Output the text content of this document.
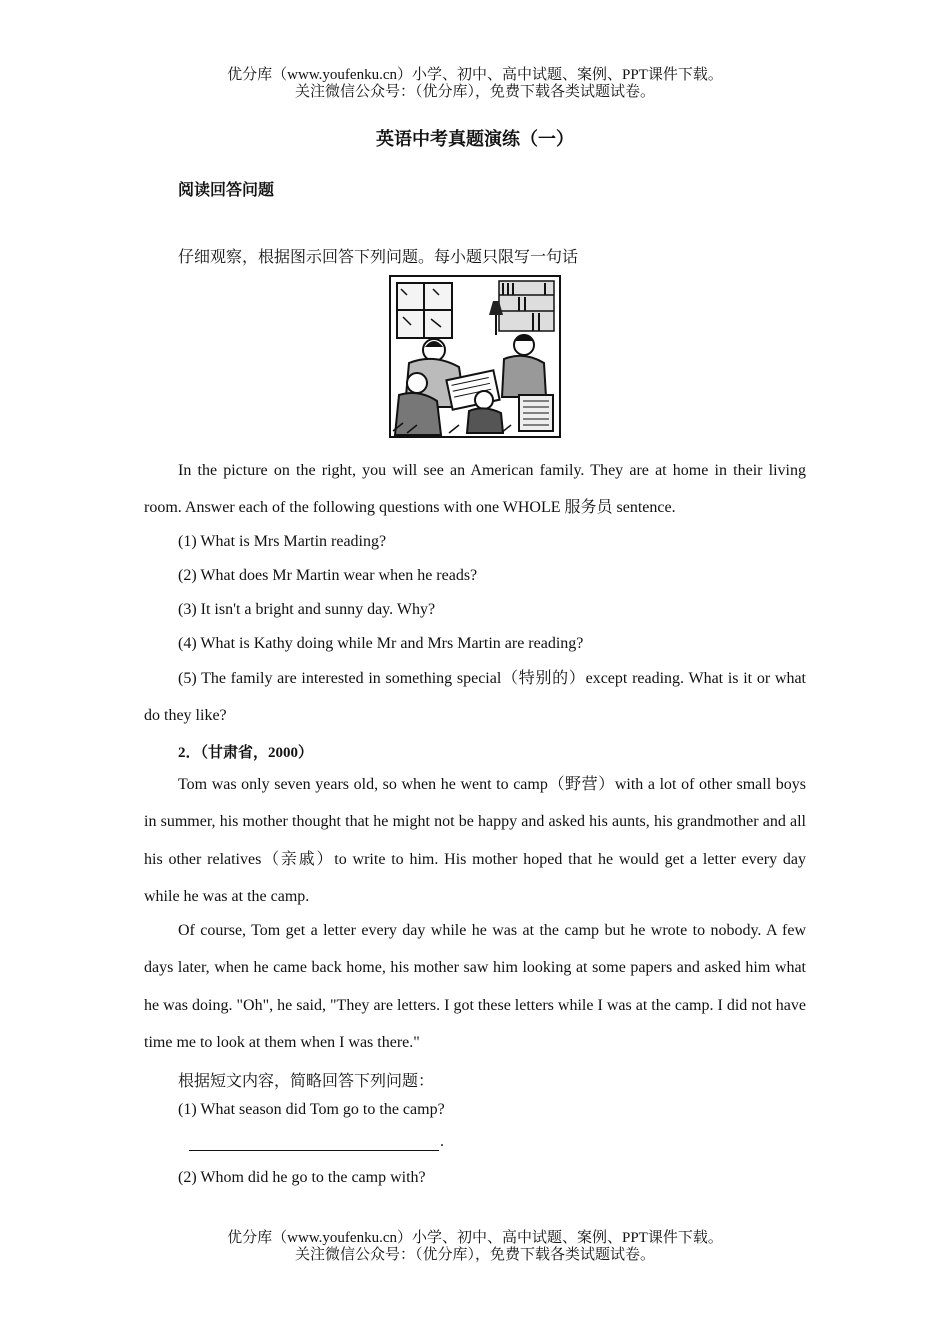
优分库（www.youfenku.cn）小学、初中、高中试题、案例、PPT课件下载。
关注微信公众号：（优分库），免费下载各类试题试卷。
英语中考真题演练（一）
阅读回答问题
仔细观察，根据图示回答下列问题。每小题只限写一句话
In the picture on the right, you will see an American family. They are at home in their living room. Answer each of the following questions with one WHOLE 服务员 sentence.
(1) What is Mrs Martin reading?
(2) What does Mr Martin wear when he reads?
(3) It isn't a bright and sunny day. Why?
(4) What is Kathy doing while Mr and Mrs Martin are reading?
(5) The family are interested in something special（特别的）except reading. What is it or what do they like?
2．（甘肃省，2000）
Tom was only seven years old, so when he went to camp（野营）with a lot of other small boys in summer, his mother thought that he might not be happy and asked his aunts, his grandmother and all his other relatives（亲戚）to write to him. His mother hoped that he would get a letter every day while he was at the camp.
Of course, Tom get a letter every day while he was at the camp but he wrote to nobody. A few days later, when he came back home, his mother saw him looking at some papers and asked him what he was doing. "Oh", he said, "They are letters. I got these letters while I was at the camp. I did not have time me to look at them when I was there."
根据短文内容，简略回答下列问题：
(1) What season did Tom go to the camp?
.
(2) Whom did he go to the camp with?
优分库（www.youfenku.cn）小学、初中、高中试题、案例、PPT课件下载。
关注微信公众号：（优分库），免费下载各类试题试卷。
